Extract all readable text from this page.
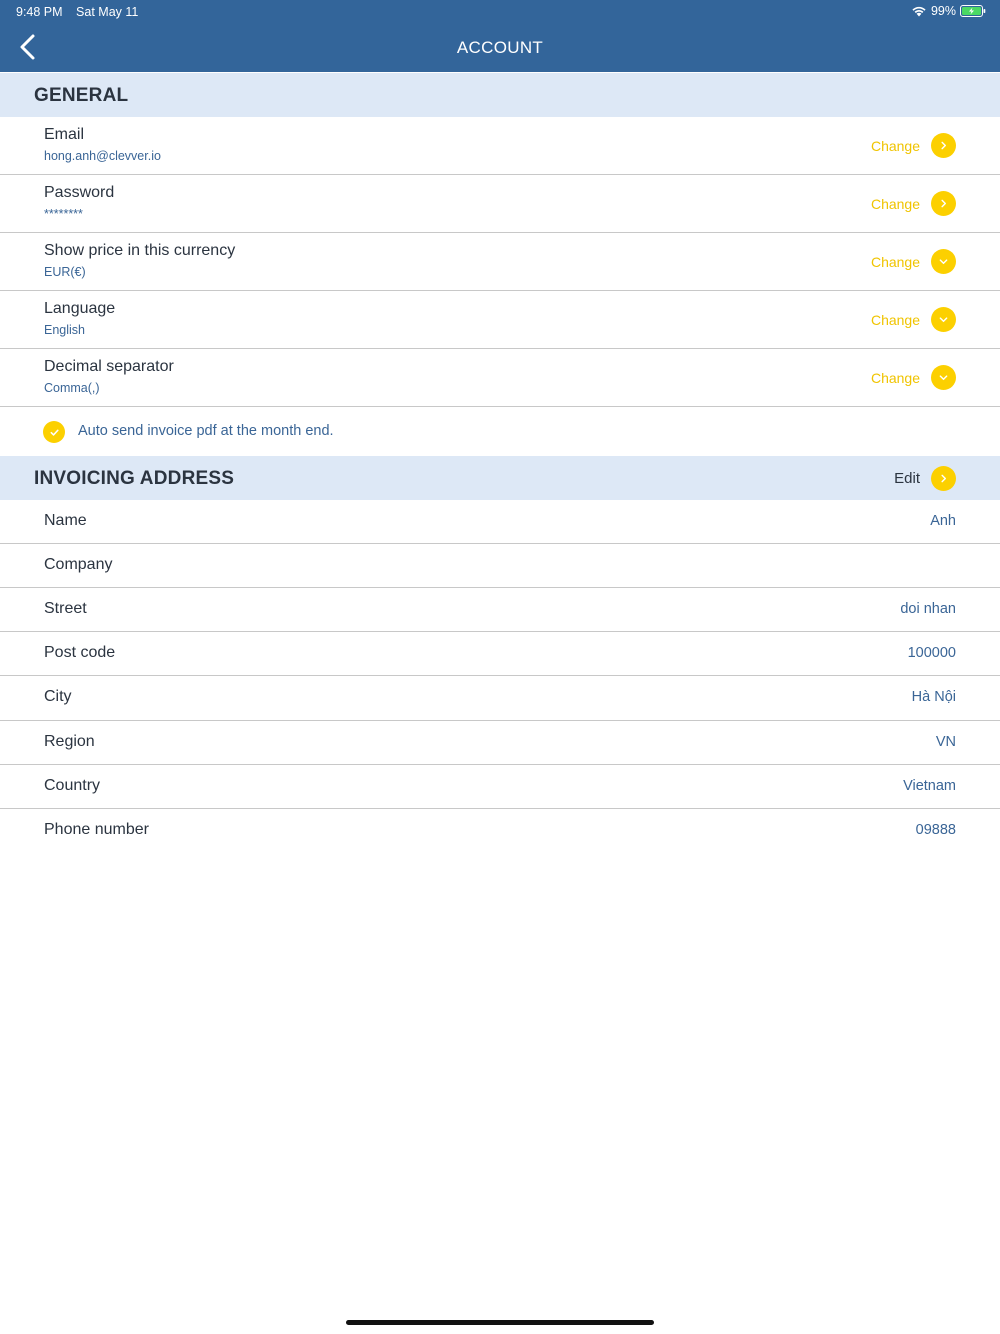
9:48 PM Sat May 11	99%
ACCOUNT
GENERAL
Email
hong.anh@clevver.io
Change
Password
********
Change
Show price in this currency
EUR(€)
Change
Language
English
Change
Decimal separator
Comma(,)
Change
Auto send invoice pdf at the month end.
INVOICING ADDRESS	Edit
Name	Anh
Company
Street	doi nhan
Post code	100000
City	Hà Nội
Region	VN
Country	Vietnam
Phone number	09888
